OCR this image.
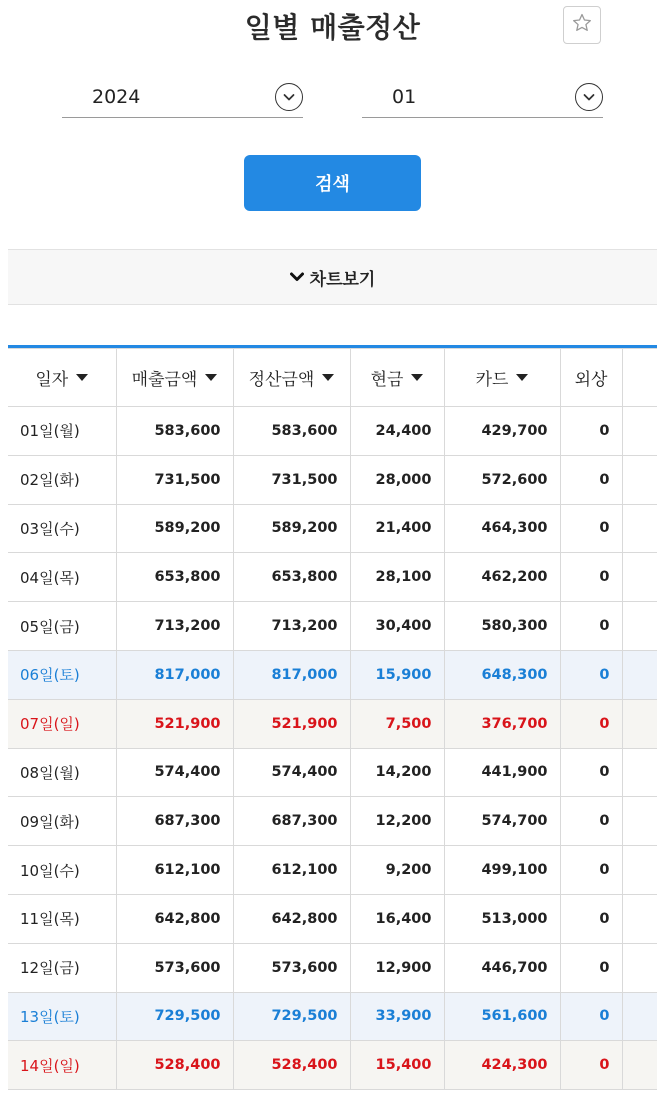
일별 매출정산
2024	01
검색
차트보기
일자	매출금액	정산금액	현금	카드	외상	
01일(월)	583,600	583,600	24,400	429,700	0	
02일(화)	731,500	731,500	28,000	572,600	0	
03일(수)	589,200	589,200	21,400	464,300	0	
04일(목)	653,800	653,800	28,100	462,200	0	
05일(금)	713,200	713,200	30,400	580,300	0	
06일(토)	817,000	817,000	15,900	648,300	0	
07일(일)	521,900	521,900	7,500	376,700	0	
08일(월)	574,400	574,400	14,200	441,900	0	
09일(화)	687,300	687,300	12,200	574,700	0	
10일(수)	612,100	612,100	9,200	499,100	0	
11일(목)	642,800	642,800	16,400	513,000	0	
12일(금)	573,600	573,600	12,900	446,700	0	
13일(토)	729,500	729,500	33,900	561,600	0	
14일(일)	528,400	528,400	15,400	424,300	0	
